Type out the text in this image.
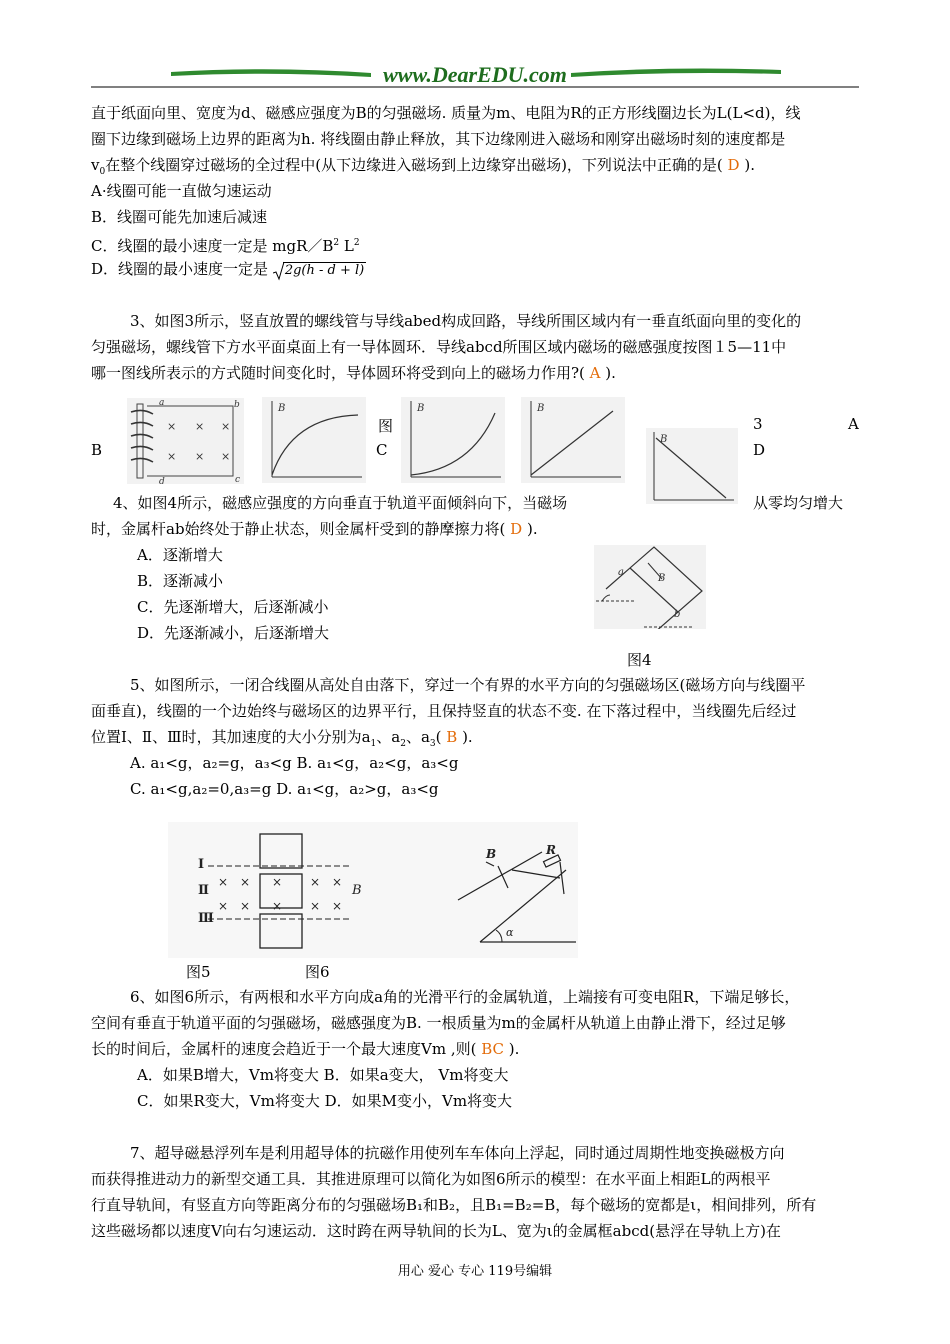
www.DearEDU.com
直于纸面向里、宽度为d、磁感应强度为B的匀强磁场. 质量为m、电阻为R的正方形线圈边长为L(L<d)，线
圈下边缘到磁场上边界的距离为h. 将线圈由静止释放，其下边缘刚进入磁场和刚穿出磁场时刻的速度都是
$v_0$在整个线圈穿过磁场的全过程中(从下边缘进入磁场到上边缘穿出磁场)，下列说法中正确的是( D ).
A·线圈可能一直做匀速运动
B．线圈可能先加速后减速
C．线圈的最小速度一定是 $mgR/B^2$ $L^2$
D．线圈的最小速度一定是 2g(h - d + l)
3、如图3所示，竖直放置的螺线管与导线abed构成回路，导线所围区域内有一垂直纸面向里的变化的
匀强磁场，螺线管下方水平面桌面上有一导体圆环．导线abcd所围区域内磁场的磁感强度按图１5—11中
哪一图线所表示的方式随时间变化时，导体圆环将受到向上的磁场力作用?( A ).
× × ×
× × ×
a	b
c
d
B	B	B
B
图	3	A
B	C	D
4、如图4所示，磁感应强度的方向垂直于轨道平面倾斜向下，当磁场	从零均匀增大
时，金属杆ab始终处于静止状态，则金属杆受到的静摩擦力将( D ).
A．逐渐增大
B．逐渐减小
C．先逐渐增大，后逐渐减小
D．先逐渐减小，后逐渐增大
a
B
b
图4
5、如图所示，一闭合线圈从高处自由落下，穿过一个有界的水平方向的匀强磁场区(磁场方向与线圈平
面垂直)，线圈的一个边始终与磁场区的边界平行，且保持竖直的状态不变. 在下落过程中，当线圈先后经过
位置Ⅰ、Ⅱ、Ⅲ时，其加速度的大小分别为$a_1$、$a_2$、$a_3$( B ).
A. a₁<g，a₂=g，a₃<g B. a₁<g，a₂<g，a₃<g
C. a₁<g,a₂=0,a₃=g D. a₁<g，a₂>g，a₃<g
× × × × ×
× × × × ×
Ⅰ
Ⅱ
Ⅲ
B
B	R
α
图5	图6
6、如图6所示，有两根和水平方向成a角的光滑平行的金属轨道，上端接有可变电阻R，下端足够长，
空间有垂直于轨道平面的匀强磁场，磁感强度为B. 一根质量为m的金属杆从轨道上由静止滑下，经过足够
长的时间后，金属杆的速度会趋近于一个最大速度Vm ,则( BC ).
A．如果B增大，Vm将变大 B．如果a变大， Vm将变大
C．如果R变大，Vm将变大 D．如果M变小，Vm将变大
7、超导磁悬浮列车是利用超导体的抗磁作用使列车车体向上浮起，同时通过周期性地变换磁极方向
而获得推进动力的新型交通工具．其推进原理可以简化为如图6所示的模型：在水平面上相距L的两根平
行直导轨间，有竖直方向等距离分布的匀强磁场B₁和B₂，且B₁=B₂=B，每个磁场的宽都是ι，相间排列，所有
这些磁场都以速度V向右匀速运动．这时跨在两导轨间的长为L、宽为ι的金属框abcd(悬浮在导轨上方)在
用心 爱心 专心 119号编辑
